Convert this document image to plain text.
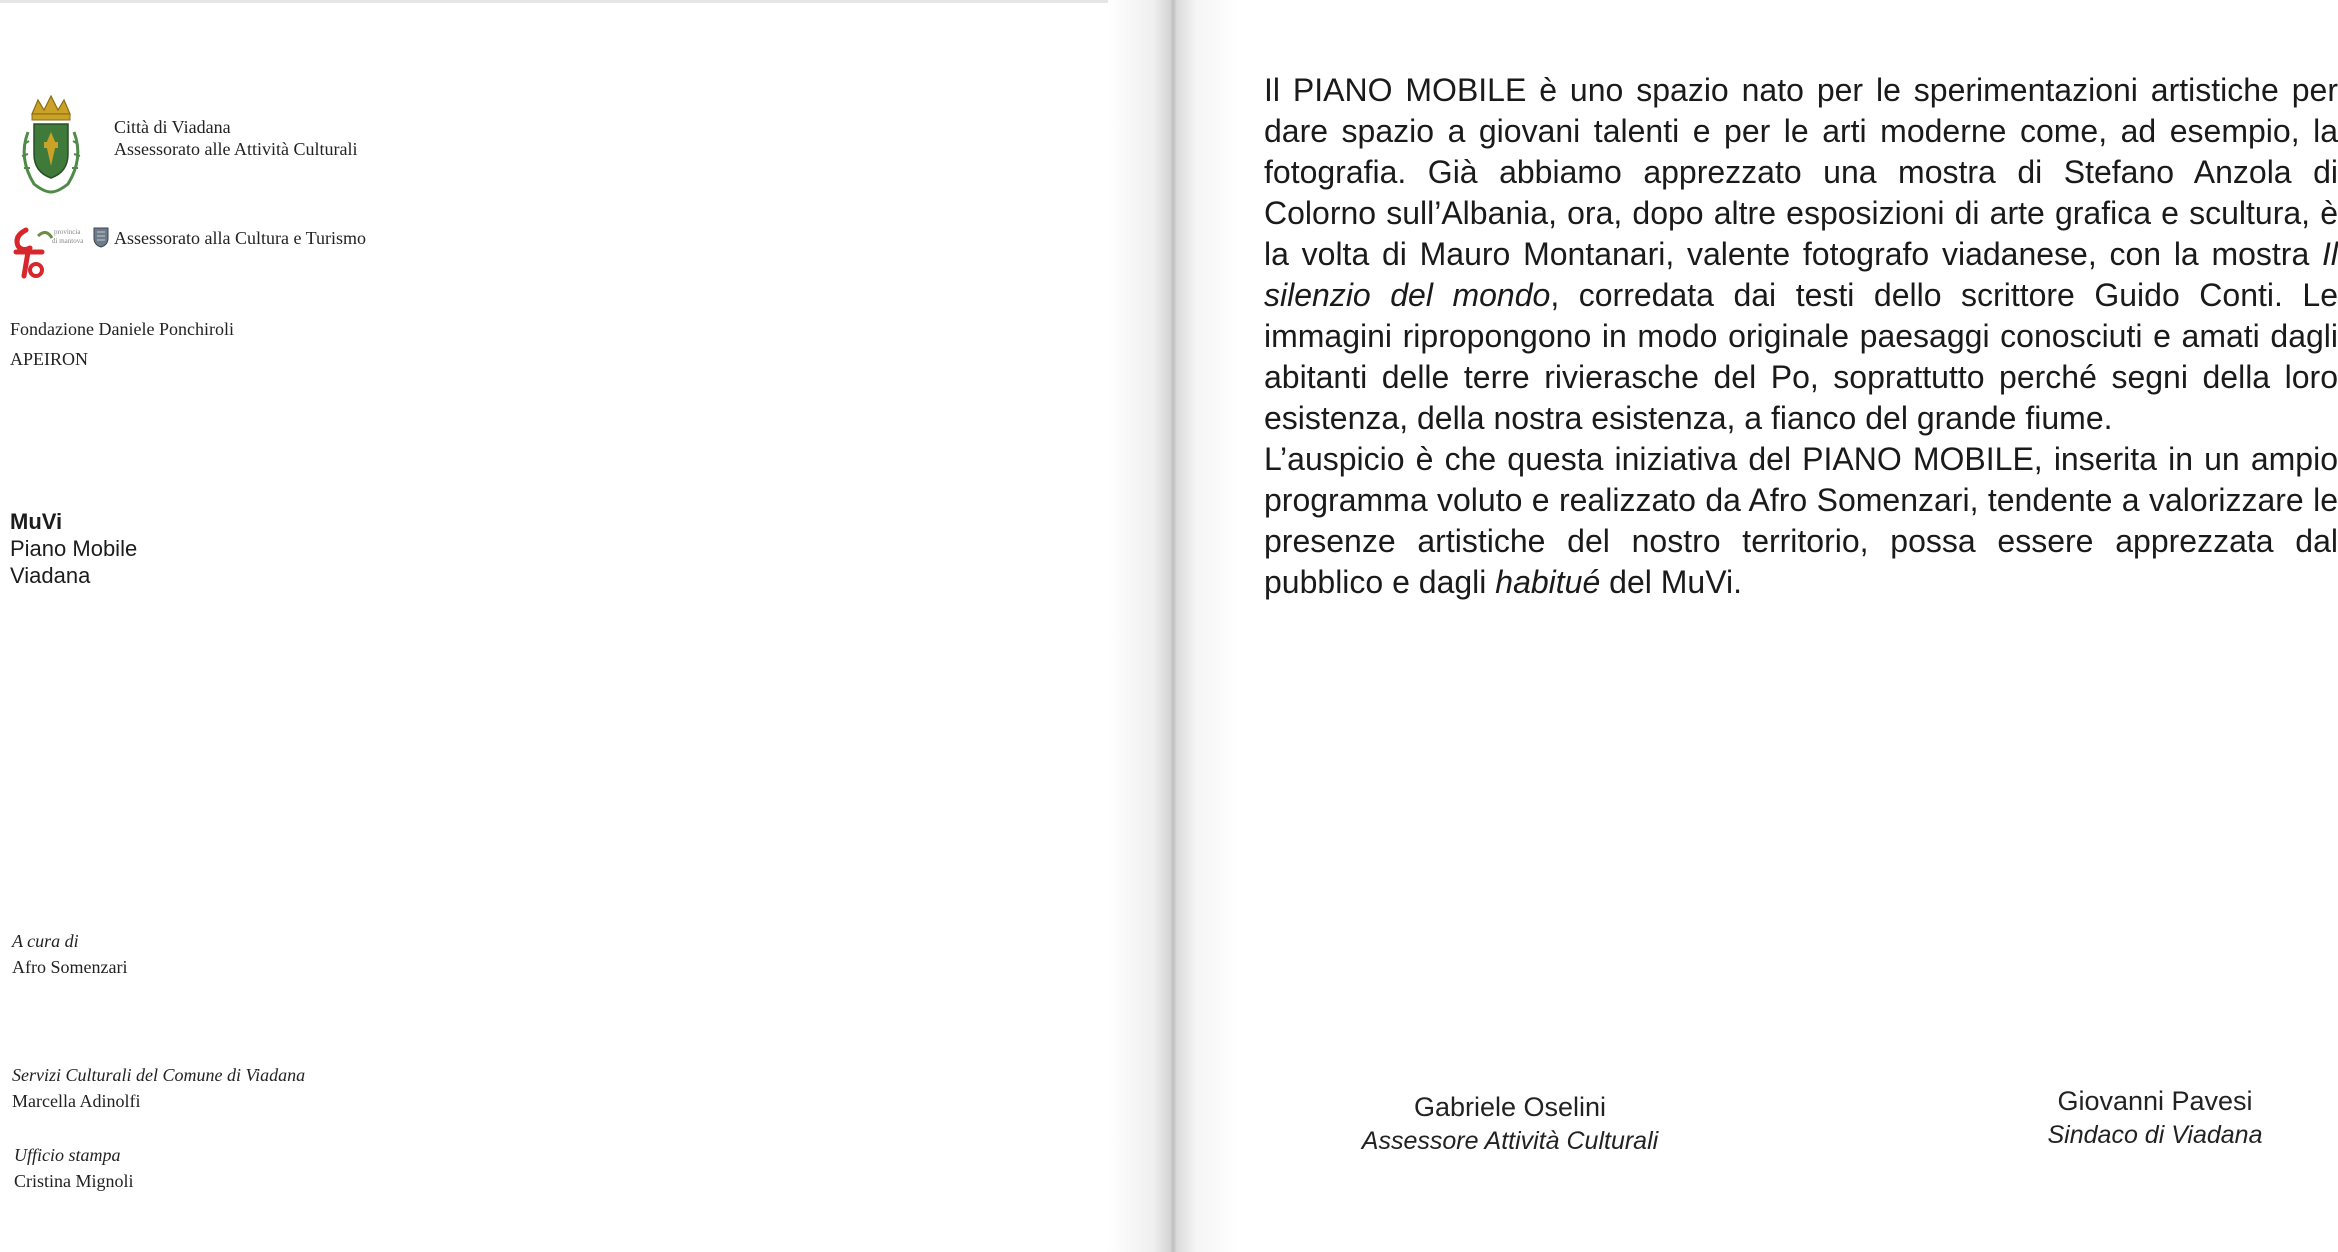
Città di Viadana
Assessorato alle Attività Culturali
provincia
di mantova Assessorato alla Cultura e Turismo
Fondazione Daniele Ponchiroli
APEIRON
MuVi
Piano Mobile
Viadana
A cura di
Afro Somenzari
Servizi Culturali del Comune di Viadana
Marcella Adinolfi
Ufficio stampa
Cristina Mignoli

Il PIANO MOBILE è uno spazio nato per le sperimentazioni artistiche per dare spazio a giovani talenti e per le arti moderne come, ad esempio, la fotografia. Già abbiamo apprezzato una mostra di Stefano Anzola di Colorno sull’Albania, ora, dopo altre esposizioni di arte grafica e scultura, è la volta di Mauro Montanari, valente fotografo viadanese, con la mostra Il silenzio del mondo, corredata dai testi dello scrittore Guido Conti. Le immagini ripropongono in modo originale paesaggi conosciuti e amati dagli abitanti delle terre rivierasche del Po, soprattutto perché segni della loro esistenza, della nostra esistenza, a fianco del grande fiume.

L’auspicio è che questa iniziativa del PIANO MOBILE, inserita in un ampio programma voluto e realizzato da Afro Somenzari, tendente a valorizzare le presenze artistiche del nostro territorio, possa essere apprezzata dal pubblico e dagli habitué del MuVi.

Gabriele Oselini
Assessore Attività Culturali
Giovanni Pavesi
Sindaco di Viadana
